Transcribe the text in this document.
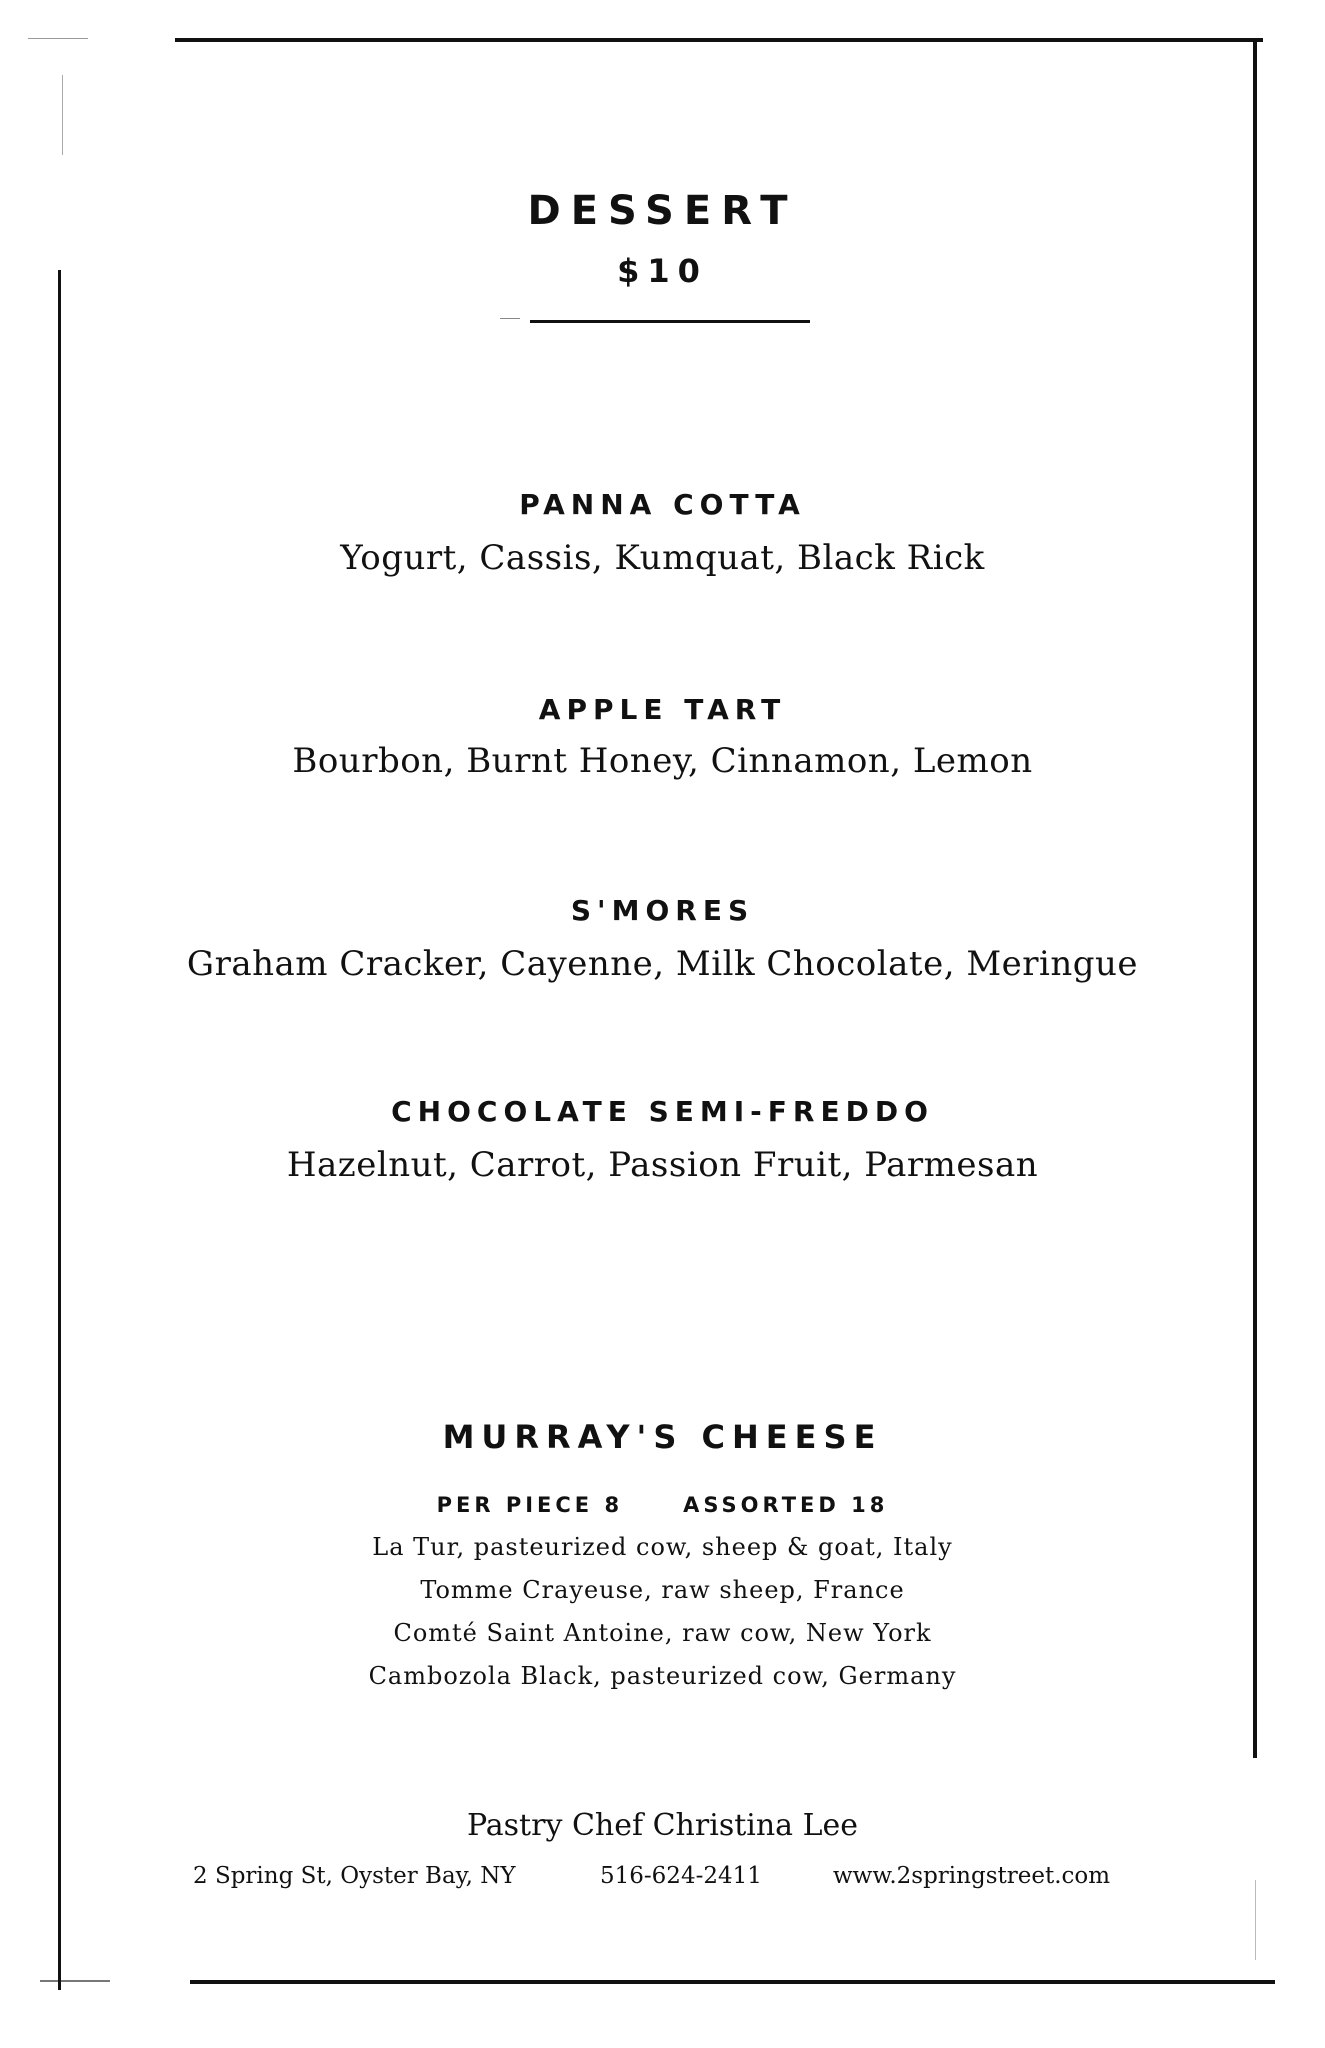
DESSERT
$10
PANNA COTTA
Yogurt, Cassis, Kumquat, Black Rick
APPLE TART
Bourbon, Burnt Honey, Cinnamon, Lemon
S'MORES
Graham Cracker, Cayenne, Milk Chocolate, Meringue
CHOCOLATE SEMI-FREDDO
Hazelnut, Carrot, Passion Fruit, Parmesan
MURRAY'S CHEESE
PER PIECE 8	ASSORTED 18
La Tur, pasteurized cow, sheep & goat, Italy
Tomme Crayeuse, raw sheep, France
Comté Saint Antoine, raw cow, New York
Cambozola Black, pasteurized cow, Germany
Pastry Chef Christina Lee
2 Spring St, Oyster Bay, NY	516-624-2411	www.2springstreet.com
